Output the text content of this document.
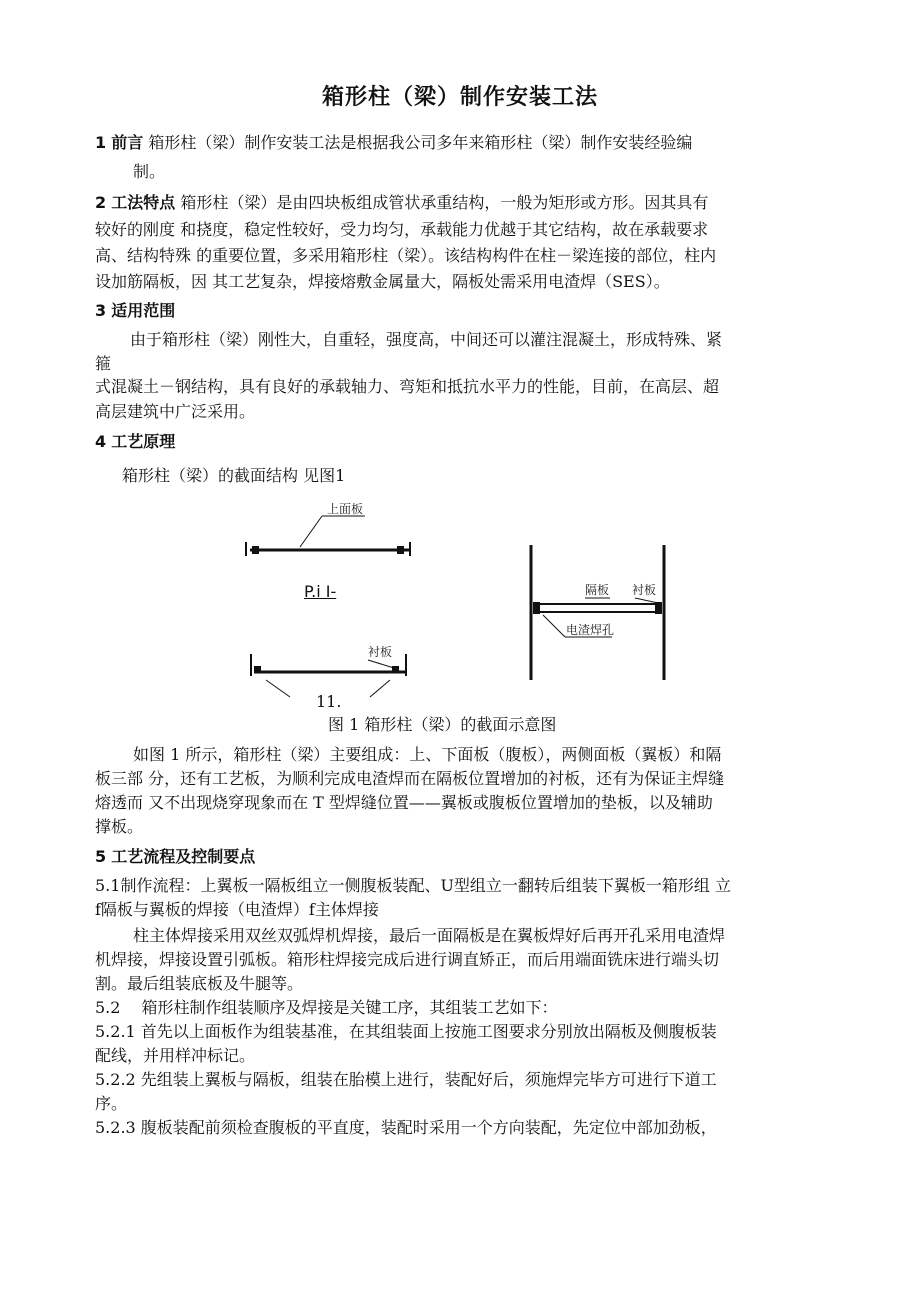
箱形柱（梁）制作安装工法
1 前言 箱形柱（梁）制作安装工法是根据我公司多年来箱形柱（梁）制作安装经验编
制。
2 工法特点 箱形柱（梁）是由四块板组成管状承重结构，一般为矩形或方形。因其具有
较好的刚度 和挠度，稳定性较好，受力均匀，承载能力优越于其它结构，故在承载要求
高、结构特殊 的重要位置，多采用箱形柱（梁）。该结构构件在柱－梁连接的部位，柱内
设加筋隔板，因 其工艺复杂，焊接熔敷金属量大，隔板处需采用电渣焊（SES）。
3 适用范围
由于箱形柱（梁）刚性大，自重轻，强度高，中间还可以灌注混凝土，形成特殊、紧
箍
式混凝土－钢结构，具有良好的承载轴力、弯矩和抵抗水平力的性能，目前，在高层、超
高层建筑中广泛采用。
4 工艺原理
箱形柱（梁）的截面结构 见图1
上面板
衬板
隔板 衬板
电渣焊孔
P.i I-
11.
图 1 箱形柱（梁）的截面示意图
如图 1 所示，箱形柱（梁）主要组成：上、下面板（腹板），两侧面板（翼板）和隔
板三部 分，还有工艺板，为顺利完成电渣焊而在隔板位置增加的衬板，还有为保证主焊缝
熔透而 又不出现烧穿现象而在 T 型焊缝位置——翼板或腹板位置增加的垫板，以及辅助
撑板。
5 工艺流程及控制要点
5.1制作流程：上翼板一隔板组立一侧腹板装配、U型组立一翻转后组装下翼板一箱形组 立
f隔板与翼板的焊接（电渣焊）f主体焊接
柱主体焊接采用双丝双弧焊机焊接，最后一面隔板是在翼板焊好后再开孔采用电渣焊
机焊接，焊接设置引弧板。箱形柱焊接完成后进行调直矫正，而后用端面铣床进行端头切
割。最后组装底板及牛腿等。
5.2　 箱形柱制作组装顺序及焊接是关键工序，其组装工艺如下：
5.2.1 首先以上面板作为组装基准，在其组装面上按施工图要求分别放出隔板及侧腹板装
配线，并用样冲标记。
5.2.2 先组装上翼板与隔板，组装在胎模上进行，装配好后，须施焊完毕方可进行下道工
序。
5.2.3 腹板装配前须检查腹板的平直度，装配时采用一个方向装配，先定位中部加劲板，
